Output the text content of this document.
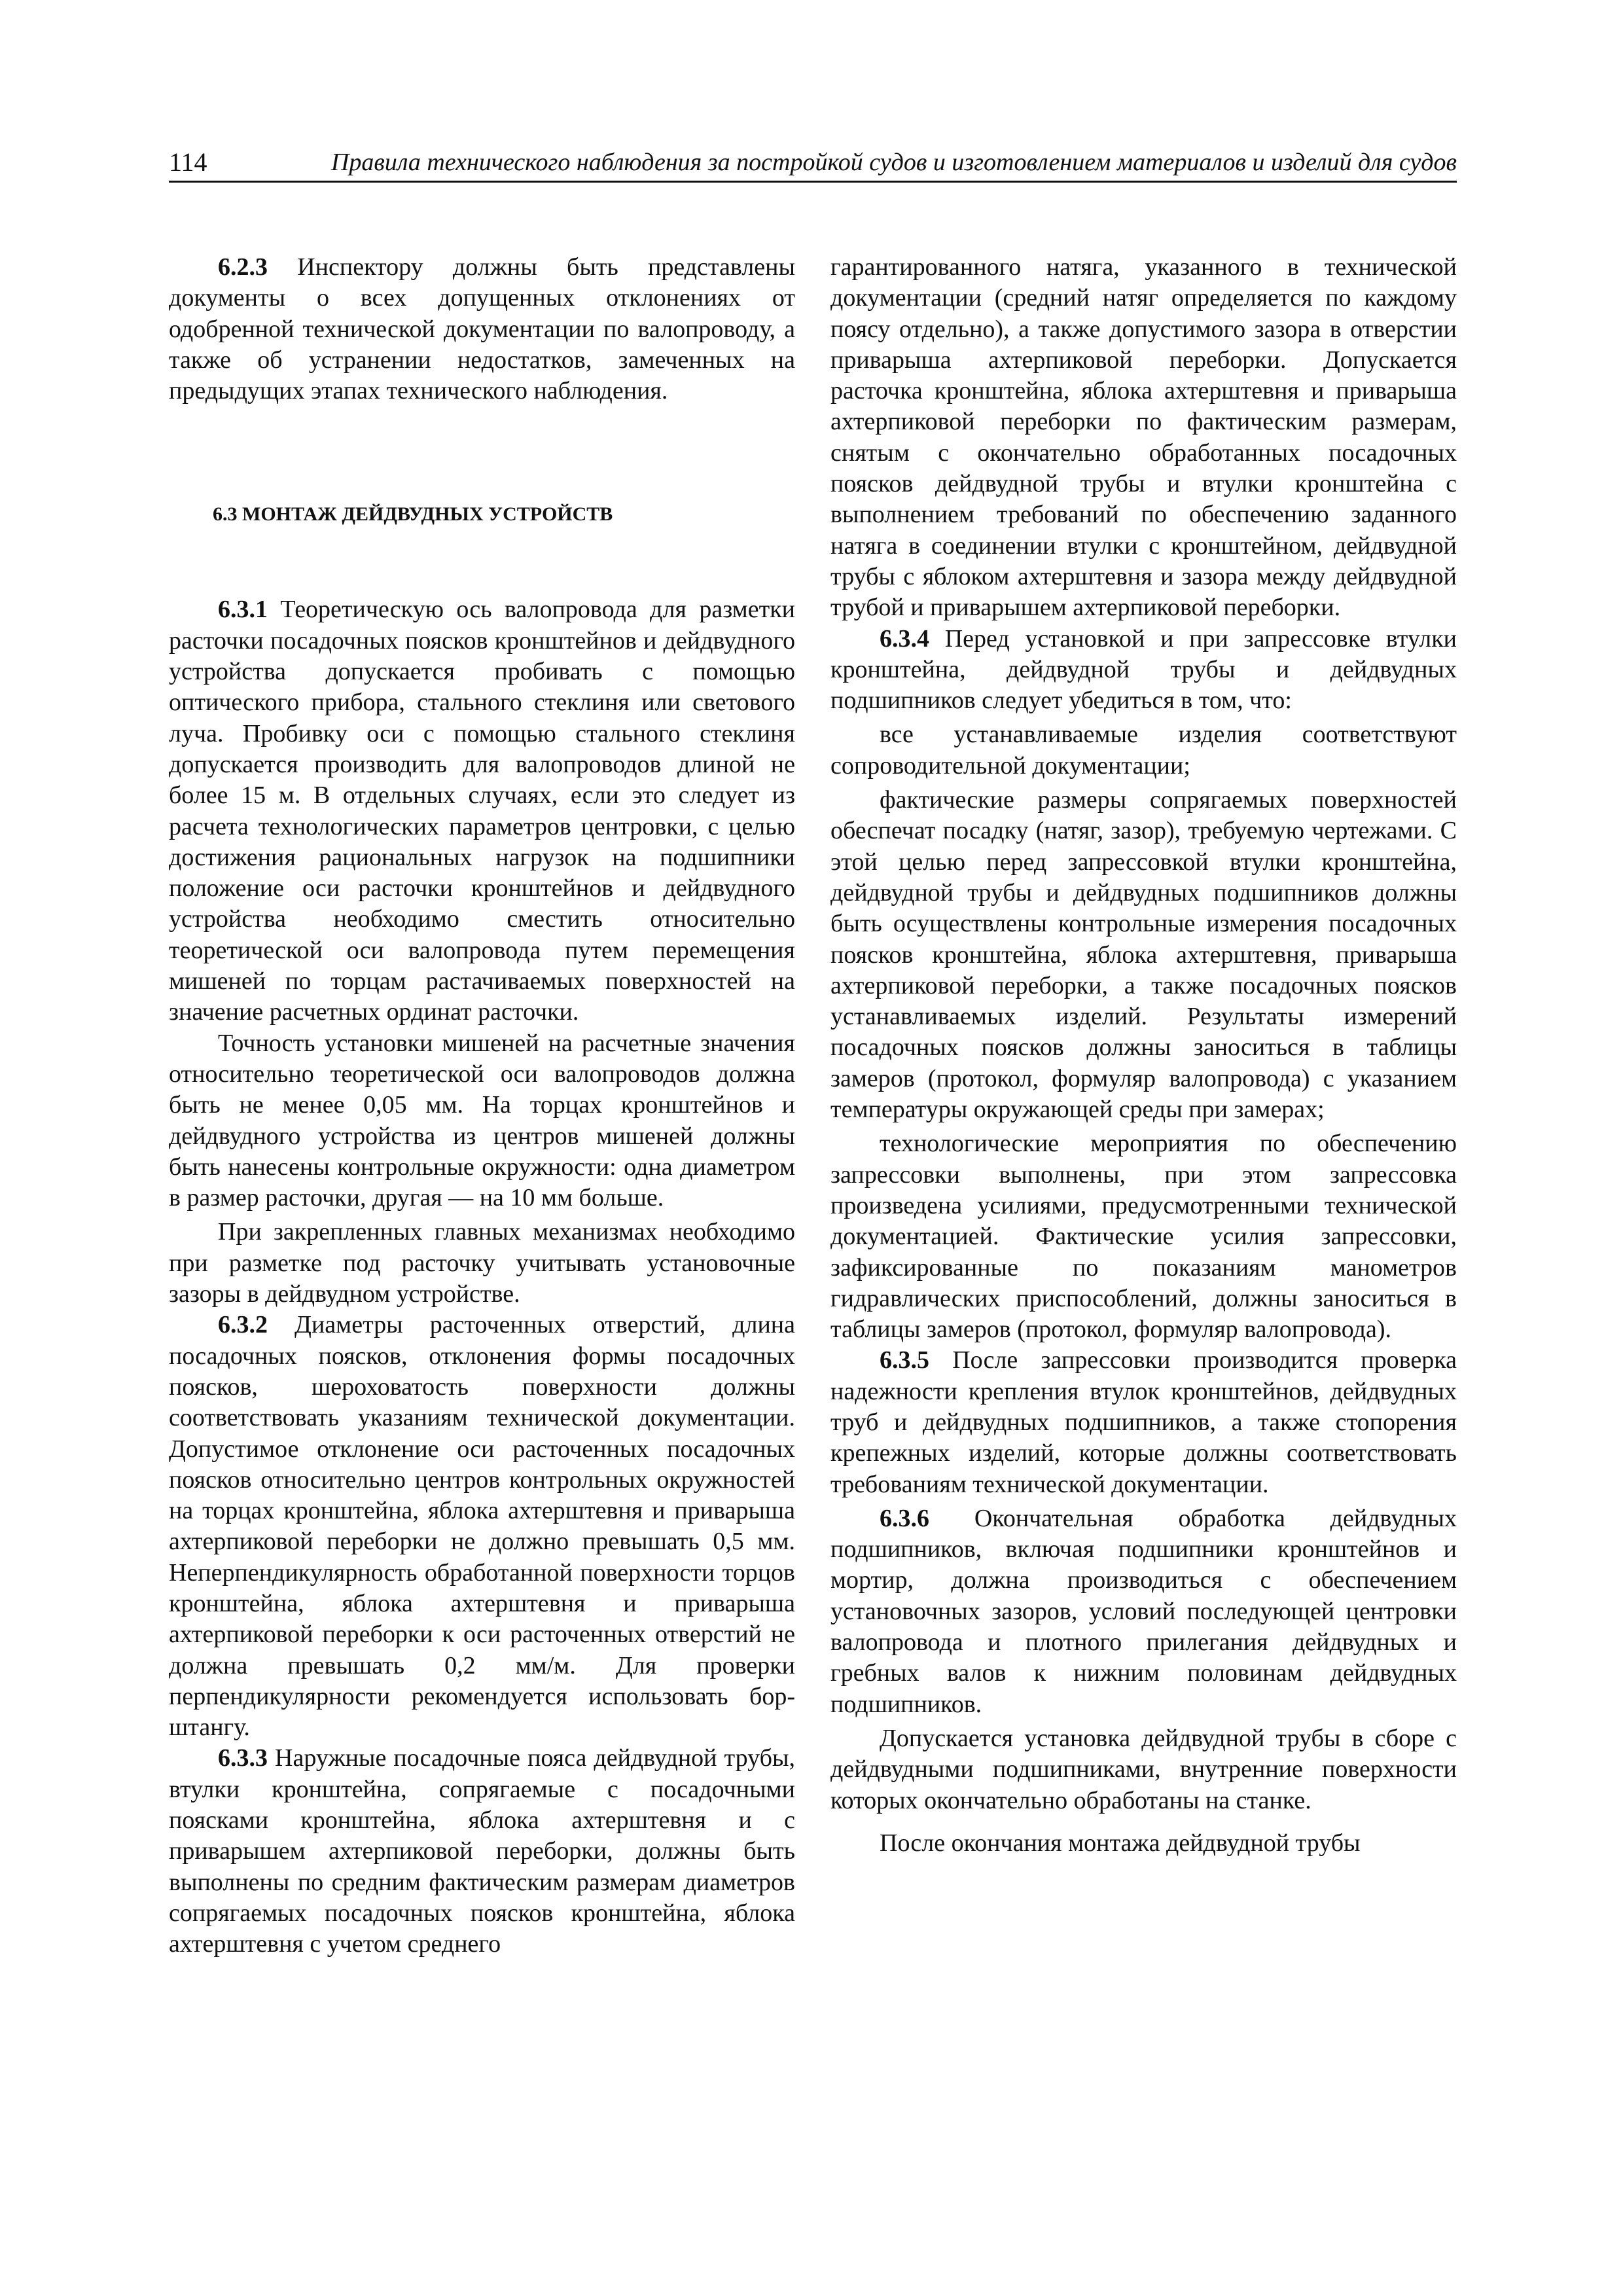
114	Правила технического наблюдения за постройкой судов и изготовлением материалов и изделий для судов

6.2.3 Инспектору должны быть представлены документы о всех допущенных отклонениях от одобренной технической документации по валопроводу, а также об устранении недостатков, замеченных на предыдущих этапах технического наблюдения.

6.3 МОНТАЖ ДЕЙДВУДНЫХ УСТРОЙСТВ

6.3.1 Теоретическую ось валопровода для разметки расточки посадочных поясков кронштейнов и дейдвудного устройства допускается пробивать с помощью оптического прибора, стального стеклиня или светового луча. Пробивку оси с помощью стального стеклиня допускается производить для валопроводов длиной не более 15 м. В отдельных случаях, если это следует из расчета технологических параметров центровки, с целью достижения рациональных нагрузок на подшипники положение оси расточки кронштейнов и дейдвудного устройства необходимо сместить относительно теоретической оси валопровода путем перемещения мишеней по торцам растачиваемых поверхностей на значение расчетных ординат расточки.

Точность установки мишеней на расчетные значения относительно теоретической оси валопроводов должна быть не менее 0,05 мм. На торцах кронштейнов и дейдвудного устройства из центров мишеней должны быть нанесены контрольные окружности: одна диаметром в размер расточки, другая — на 10 мм больше.

При закрепленных главных механизмах необходимо при разметке под расточку учитывать установочные зазоры в дейдвудном устройстве.

6.3.2 Диаметры расточенных отверстий, длина посадочных поясков, отклонения формы посадочных поясков, шероховатость поверхности должны соответствовать указаниям технической документации. Допустимое отклонение оси расточенных посадочных поясков относительно центров контрольных окружностей на торцах кронштейна, яблока ахтерштевня и приварыша ахтерпиковой переборки не должно превышать 0,5 мм. Неперпендикулярность обработанной поверхности торцов кронштейна, яблока ахтерштевня и приварыша ахтерпиковой переборки к оси расточенных отверстий не должна превышать 0,2 мм/м. Для проверки перпендикулярности рекомендуется использовать бор-штангу.

6.3.3 Наружные посадочные пояса дейдвудной трубы, втулки кронштейна, сопрягаемые с посадочными поясками кронштейна, яблока ахтерштевня и с приварышем ахтерпиковой переборки, должны быть выполнены по средним фактическим размерам диаметров сопрягаемых посадочных поясков кронштейна, яблока ахтерштевня с учетом среднего

гарантированного натяга, указанного в технической документации (средний натяг определяется по каждому поясу отдельно), а также допустимого зазора в отверстии приварыша ахтерпиковой переборки. Допускается расточка кронштейна, яблока ахтерштевня и приварыша ахтерпиковой переборки по фактическим размерам, снятым с окончательно обработанных посадочных поясков дейдвудной трубы и втулки кронштейна с выполнением требований по обеспечению заданного натяга в соединении втулки с кронштейном, дейдвудной трубы с яблоком ахтерштевня и зазора между дейдвудной трубой и приварышем ахтерпиковой переборки.

6.3.4 Перед установкой и при запрессовке втулки кронштейна, дейдвудной трубы и дейдвудных подшипников следует убедиться в том, что:

все устанавливаемые изделия соответствуют сопроводительной документации;

фактические размеры сопрягаемых поверхностей обеспечат посадку (натяг, зазор), требуемую чертежами. С этой целью перед запрессовкой втулки кронштейна, дейдвудной трубы и дейдвудных подшипников должны быть осуществлены контрольные измерения посадочных поясков кронштейна, яблока ахтерштевня, приварыша ахтерпиковой переборки, а также посадочных поясков устанавливаемых изделий. Результаты измерений посадочных поясков должны заноситься в таблицы замеров (протокол, формуляр валопровода) с указанием температуры окружающей среды при замерах;

технологические мероприятия по обеспечению запрессовки выполнены, при этом запрессовка произведена усилиями, предусмотренными технической документацией. Фактические усилия запрессовки, зафиксированные по показаниям манометров гидравлических приспособлений, должны заноситься в таблицы замеров (протокол, формуляр валопровода).

6.3.5 После запрессовки производится проверка надежности крепления втулок кронштейнов, дейдвудных труб и дейдвудных подшипников, а также стопорения крепежных изделий, которые должны соответствовать требованиям технической документации.

6.3.6 Окончательная обработка дейдвудных подшипников, включая подшипники кронштейнов и мортир, должна производиться с обеспечением установочных зазоров, условий последующей центровки валопровода и плотного прилегания дейдвудных и гребных валов к нижним половинам дейдвудных подшипников.

Допускается установка дейдвудной трубы в сборе с дейдвудными подшипниками, внутренние поверхности которых окончательно обработаны на станке.

После окончания монтажа дейдвудной трубы
